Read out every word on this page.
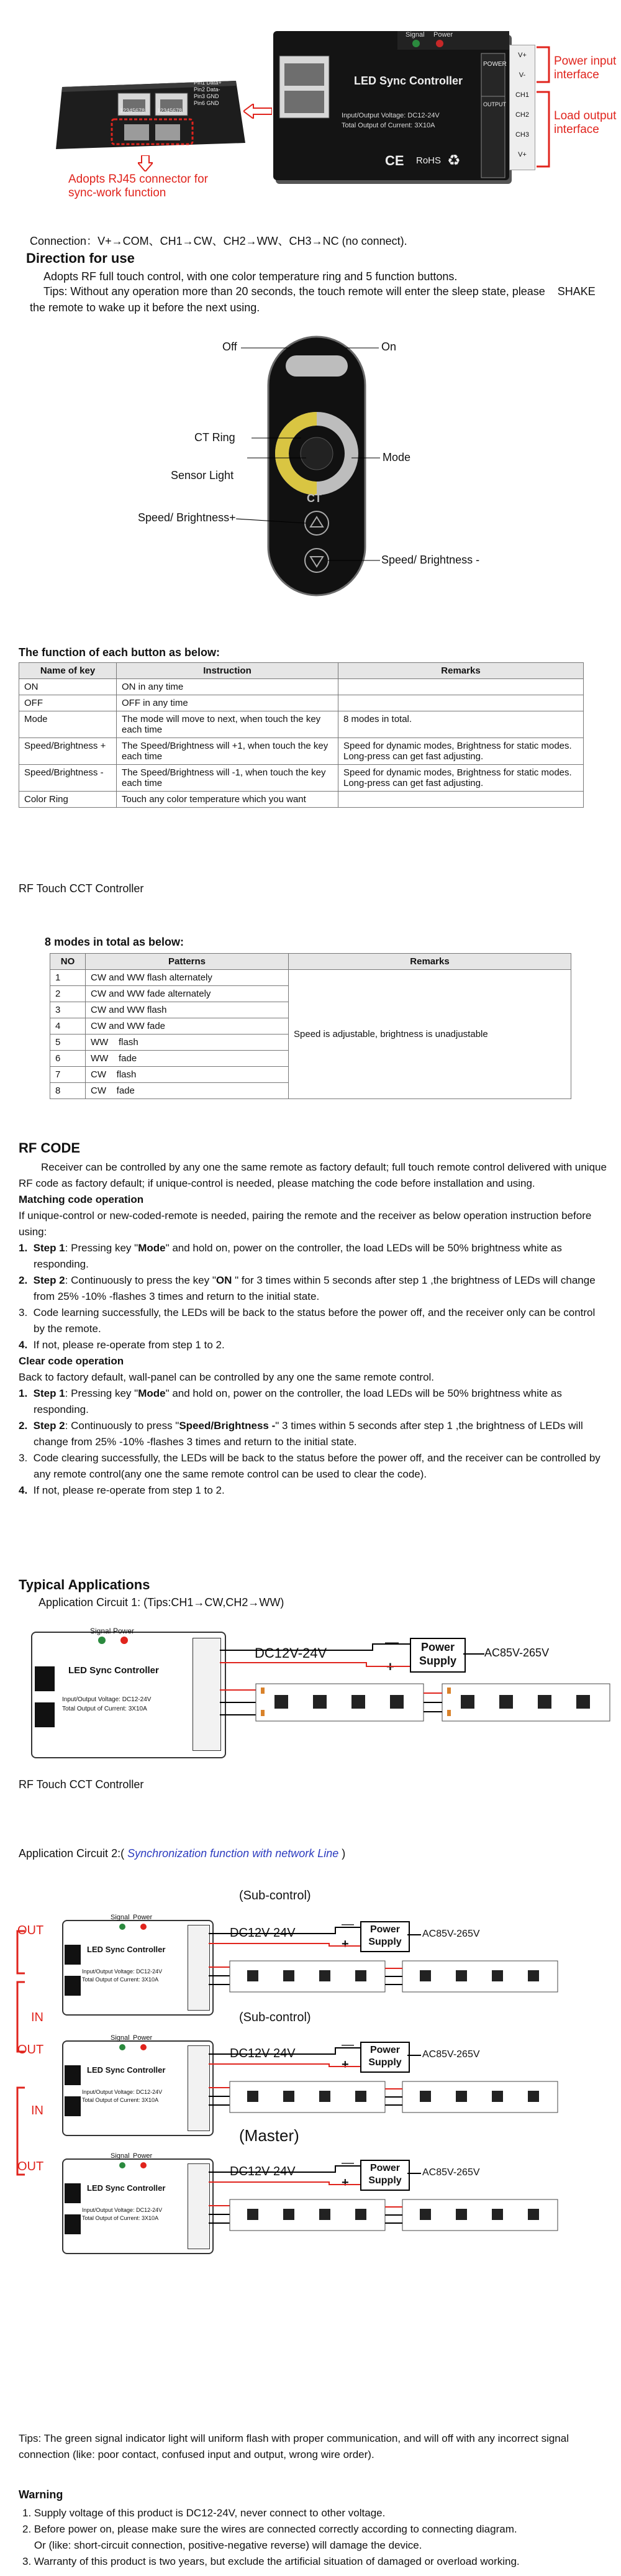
12345678 12345678
Pin1 Data+
Pin2 Data-
Pin3 GND
Pin6 GND
Adopts RJ45 connector for sync-work function
Signal Power
LED Sync Controller
Input/Output Voltage: DC12-24V
Total Output of Current: 3X10A
CE RoHS ♻
POWER
OUTPUT
V+
V-
CH1
CH2
CH3
V+
Power input interface
Load output interface
Connection：V+→COM、CH1→CW、CH2→WW、CH3→NC (no connect).
Direction for use
Adopts RF full touch control, with one color temperature ring and 5 function buttons.
Tips: Without any operation more than 20 seconds, the touch remote will enter the sleep state, please    SHAKE the remote to wake up it before the next using.
CT
Off	On
CT Ring
Mode
Sensor Light
Speed/ Brightness+
Speed/ Brightness -
The function of each button as below:
Name of key	Instruction	Remarks
ON	ON in any time	
OFF	OFF in any time	
Mode	The mode will move to next, when touch the key each time	8 modes in total.
Speed/Brightness +	The Speed/Brightness will +1, when touch the key each time	Speed for dynamic modes, Brightness for static modes. Long-press can get fast adjusting.
Speed/Brightness -	The Speed/Brightness will -1, when touch the key each time	Speed for dynamic modes, Brightness for static modes. Long-press can get fast adjusting.
Color Ring	Touch any color temperature which you want	
RF Touch CCT Controller
8 modes in total as below:
NO	Patterns	Remarks
1	CW and WW flash alternately	Speed is adjustable, brightness is unadjustable
2	CW and WW fade alternately	
3	CW and WW flash	
4	CW and WW fade	
5	WW    flash	
6	WW    fade	
7	CW    flash	
8	CW    fade	
RF CODE
Receiver can be controlled by any one the same remote as factory default; full touch remote control delivered with unique RF code as factory default; if unique-control is needed, please matching the code before installation and using.
Matching code operation
If unique-control or new-coded-remote is needed, pairing the remote and the receiver as below operation instruction before using:
1.  Step 1: Pressing key "Mode" and hold on, power on the controller, the load LEDs will be 50% brightness white as responding.
2.  Step 2: Continuously to press the key "ON " for 3 times within 5 seconds after step 1 ,the brightness of LEDs will change from 25% -10% -flashes 3 times and return to the initial state.
3.  Code learning successfully, the LEDs will be back to the status before the power off, and the receiver only can be control by the remote.
4.  If not, please re-operate from step 1 to 2.
Clear code operation
Back to factory default, wall-panel can be controlled by any one the same remote control.
1.  Step 1: Pressing key "Mode" and hold on, power on the controller, the load LEDs will be 50% brightness white as responding.
2.  Step 2: Continuously to press "Speed/Brightness -" 3 times within 5 seconds after step 1 ,the brightness of LEDs will change from 25% -10% -flashes 3 times and return to the initial state.
3.  Code clearing successfully, the LEDs will be back to the status before the power off, and the receiver can be controlled by any remote control(any one the same remote control can be used to clear the code).
4.  If not, please re-operate from step 1 to 2.
Typical Applications
Application Circuit 1: (Tips:CH1→CW,CH2→WW)
Signal Power
LED Sync Controller
Input/Output Voltage: DC12-24V
Total Output of Current: 3X10A
DC12V-24V
—
+
Power Supply
AC85V-265V
RF Touch CCT Controller
Application Circuit 2:( Synchronization function with network Line )
(Sub-control)
(Sub-control)
(Master)
OUT
IN
OUT
IN
OUT
Signal Power
LED Sync Controller
Input/Output Voltage: DC12-24V
Total Output of Current: 3X10A
DC12V-24V
—
+
Power Supply
AC85V-265V
Signal Power
LED Sync Controller
Input/Output Voltage: DC12-24V
Total Output of Current: 3X10A
DC12V-24V
—
+
Power Supply
AC85V-265V
Signal Power
LED Sync Controller
Input/Output Voltage: DC12-24V
Total Output of Current: 3X10A
DC12V-24V
—
+
Power Supply
AC85V-265V
Tips: The green signal indicator light will uniform flash with proper communication, and will off with any incorrect signal connection (like: poor contact, confused input and output, wrong wire order).
Warning
1. Supply voltage of this product is DC12-24V, never connect to other voltage.
2. Before power on, please make sure the wires are connected correctly according to connecting diagram.
Or (like: short-circuit connection, positive-negative reverse) will damage the device.
3. Warranty of this product is two years, but exclude the artificial situation of damaged or overload working.
